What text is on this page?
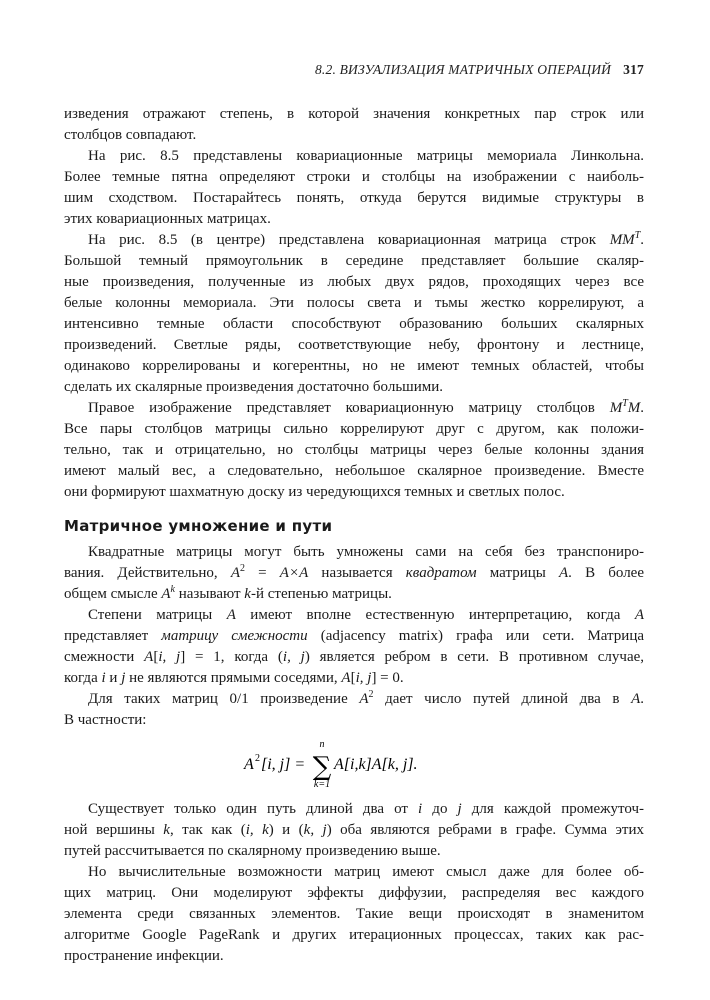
8.2. ВИЗУАЛИЗАЦИЯ МАТРИЧНЫХ ОПЕРАЦИЙ 317

изведения отражают степень, в которой значения конкретных пар строк или
столбцов совпадают.

На рис. 8.5 представлены ковариационные матрицы мемориала Линкольна.
Более темные пятна определяют строки и столбцы на изображении с наиболь-
шим сходством. Постарайтесь понять, откуда берутся видимые структуры в
этих ковариационных матрицах.

На рис. 8.5 (в центре) представлена ковариационная матрица строк $MM^T$.
Большой темный прямоугольник в середине представляет большие скаляр-
ные произведения, полученные из любых двух рядов, проходящих через все
белые колонны мемориала. Эти полосы света и тьмы жестко коррелируют, а
интенсивно темные области способствуют образованию больших скалярных
произведений. Светлые ряды, соответствующие небу, фронтону и лестнице,
одинаково коррелированы и когерентны, но не имеют темных областей, чтобы
сделать их скалярные произведения достаточно большими.

Правое изображение представляет ковариационную матрицу столбцов $M^TM$.
Все пары столбцов матрицы сильно коррелируют друг с другом, как положи-
тельно, так и отрицательно, но столбцы матрицы через белые колонны здания
имеют малый вес, а следовательно, небольшое скалярное произведение. Вместе
они формируют шахматную доску из чередующихся темных и светлых полос.

Матричное умножение и пути

Квадратные матрицы могут быть умножены сами на себя без транспониро-
вания. Действительно, $A^2 = A\times A$ называется квадратом матрицы A. В более
общем смысле $A^k$ называют k-й степенью матрицы.

Степени матрицы A имеют вполне естественную интерпретацию, когда A
представляет матрицу смежности (adjacency matrix) графа или сети. Матрица
смежности A[i, j] = 1, когда (i, j) является ребром в сети. В противном случае,
когда i и j не являются прямыми соседями, A[i, j] = 0.

Для таких матриц 0/1 произведение $A^2$ дает число путей длиной два в A.
В частности:

A 2 [i, j] =
n
∑
k=1
A[i,k]A[k, j].

Существует только один путь длиной два от i до j для каждой промежуточ-
ной вершины k, так как (i, k) и (k, j) оба являются ребрами в графе. Сумма этих
путей рассчитывается по скалярному произведению выше.

Но вычислительные возможности матриц имеют смысл даже для более об-
щих матриц. Они моделируют эффекты диффузии, распределяя вес каждого
элемента среди связанных элементов. Такие вещи происходят в знаменитом
алгоритме Google PageRank и других итерационных процессах, таких как рас-
пространение инфекции.
